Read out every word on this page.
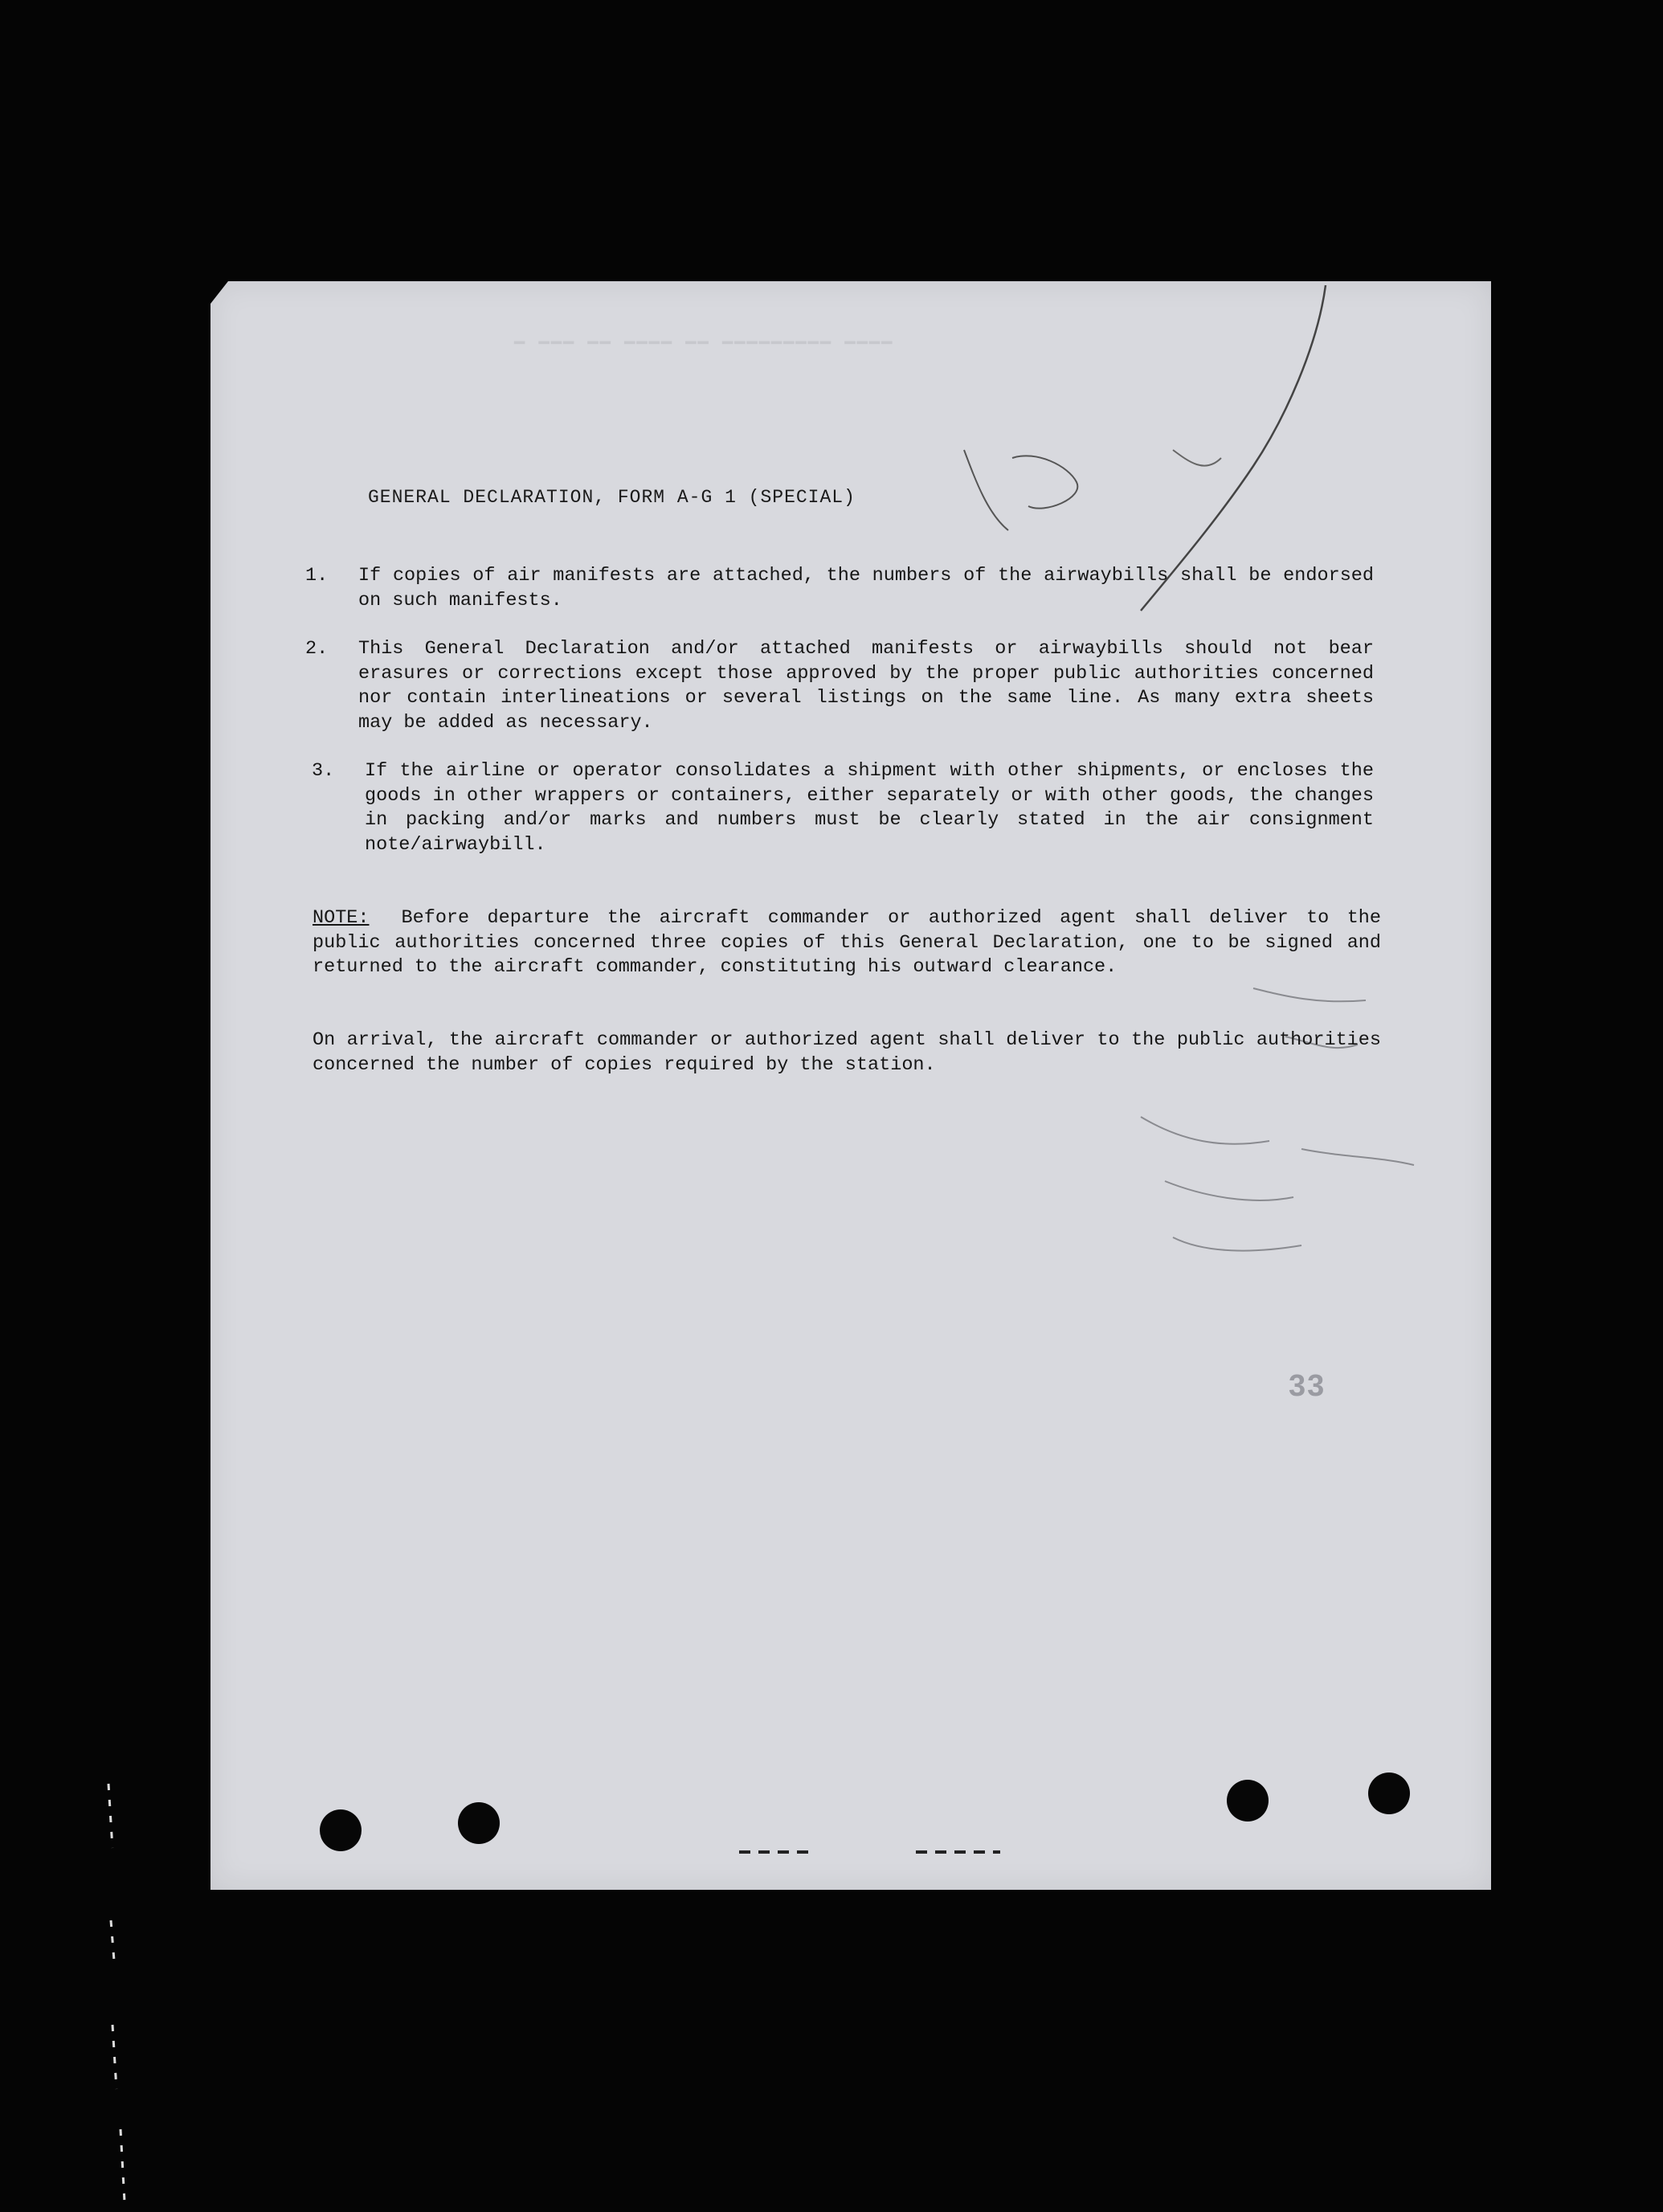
━ ━━━ ━━ ━━━━ ━━ ━━━━━━━━━ ━━━━
GENERAL DECLARATION, FORM A-G 1 (SPECIAL)
1.	If copies of air manifests are attached, the numbers of the airwaybills shall be endorsed on such manifests.
2.	This General Declaration and/or attached manifests or airwaybills should not bear erasures or corrections except those approved by the proper public authorities concerned nor contain interlineations or several listings on the same line. As many extra sheets may be added as necessary.
3.	If the airline or operator consolidates a shipment with other shipments, or encloses the goods in other wrappers or containers, either separately or with other goods, the changes in packing and/or marks and numbers must be clearly stated in the air consignment note/airwaybill.
NOTE: Before departure the aircraft commander or authorized agent shall deliver to the public authorities concerned three copies of this General Declaration, one to be signed and returned to the aircraft commander, constituting his outward clearance.
On arrival, the aircraft commander or authorized agent shall deliver to the public authorities concerned the number of copies required by the station.
33
